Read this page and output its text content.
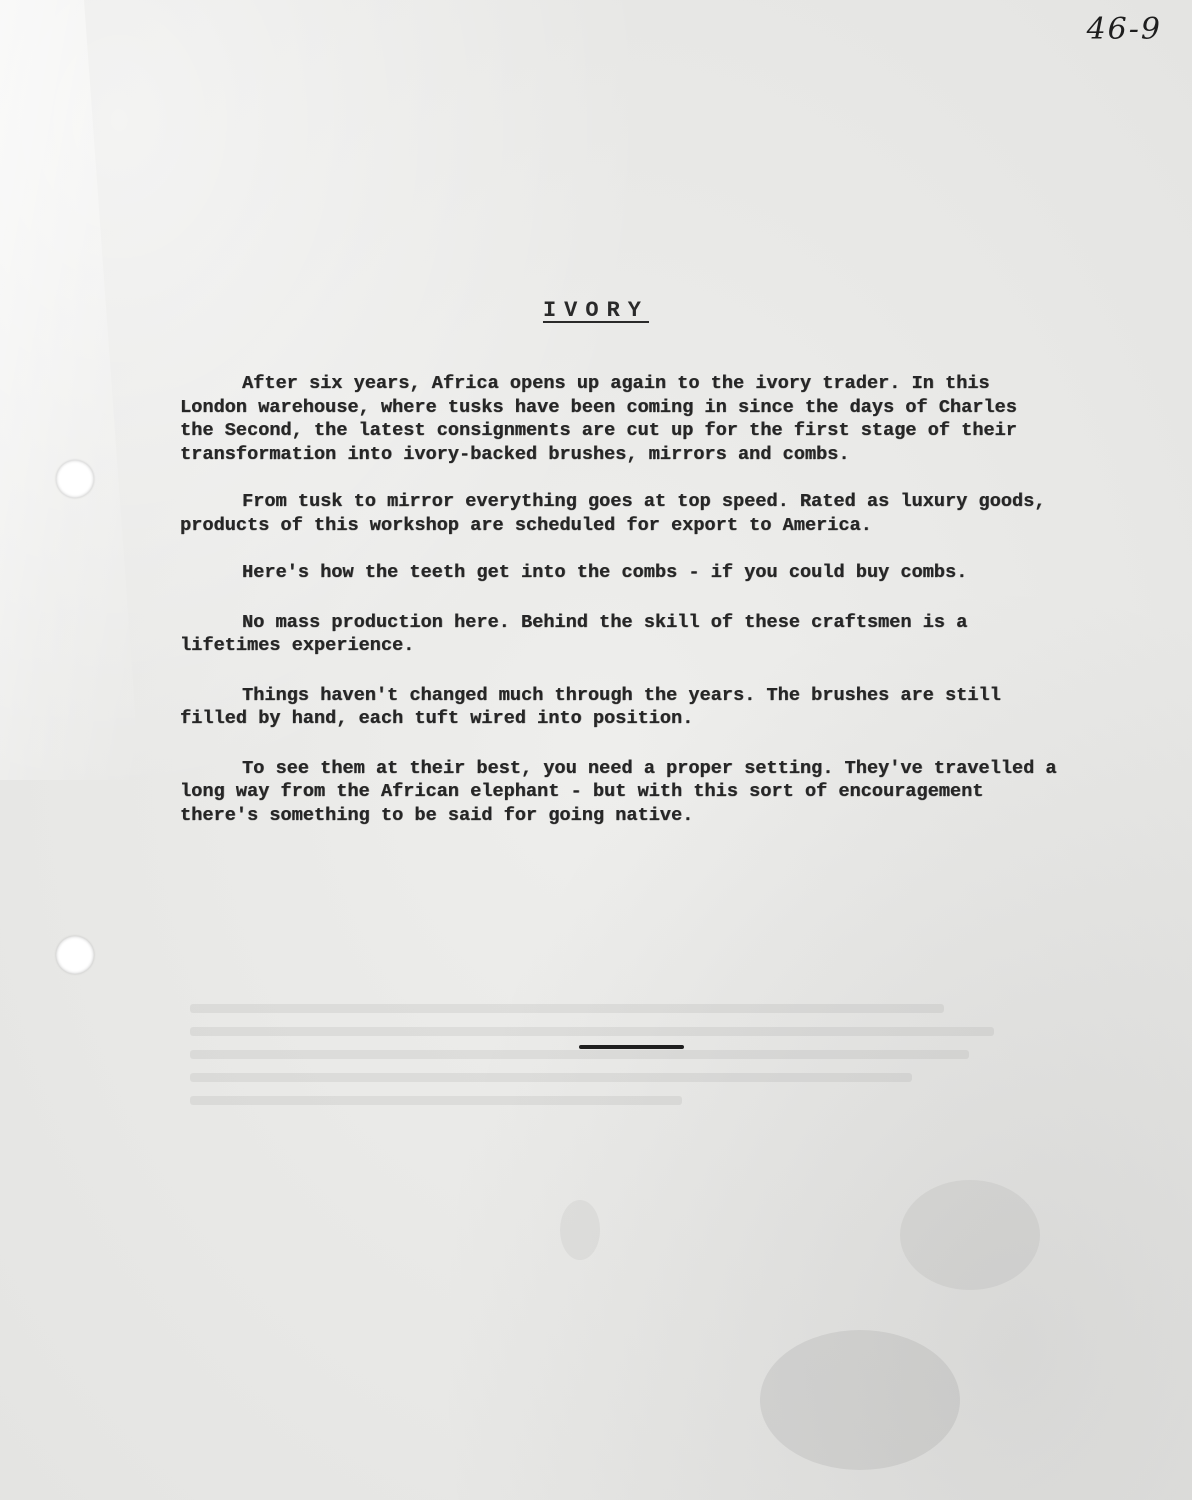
46-9
IVORY

After six years, Africa opens up again to the ivory trader. In this London warehouse, where tusks have been coming in since the days of Charles the Second, the latest consignments are cut up for the first stage of their transformation into ivory-backed brushes, mirrors and combs.

From tusk to mirror everything goes at top speed. Rated as luxury goods, products of this workshop are scheduled for export to America.

Here's how the teeth get into the combs - if you could buy combs.

No mass production here. Behind the skill of these craftsmen is a lifetimes experience.

Things haven't changed much through the years. The brushes are still filled by hand, each tuft wired into position.

To see them at their best, you need a proper setting. They've travelled a long way from the African elephant - but with this sort of encouragement there's something to be said for going native.
